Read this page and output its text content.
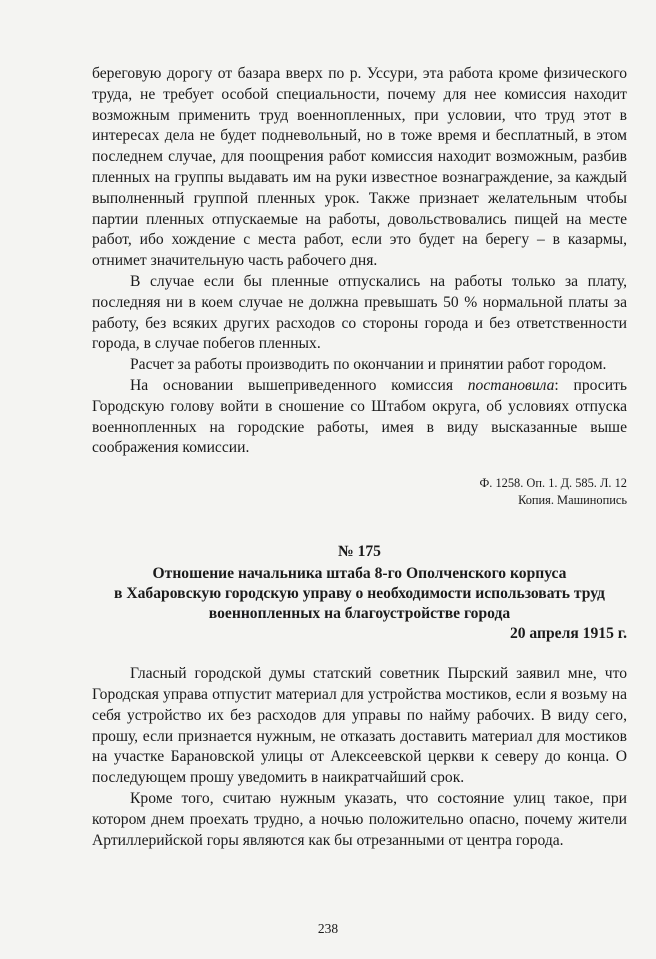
береговую дорогу от базара вверх по р. Уссури, эта работа кроме физического труда, не требует особой специальности, почему для нее комиссия находит возможным применить труд военнопленных, при условии, что труд этот в интересах дела не будет подневольный, но в тоже время и бесплатный, в этом последнем случае, для поощрения работ комиссия находит возможным, разбив пленных на группы выдавать им на руки известное вознаграждение, за каждый выполненный группой пленных урок. Также признает желательным чтобы партии пленных отпускаемые на работы, довольствовались пищей на месте работ, ибо хождение с места работ, если это будет на берегу – в казармы, отнимет значительную часть рабочего дня.

В случае если бы пленные отпускались на работы только за плату, последняя ни в коем случае не должна превышать 50 % нормальной платы за работу, без всяких других расходов со стороны города и без ответственности города, в случае побегов пленных.

Расчет за работы производить по окончании и принятии работ городом.

На основании вышеприведенного комиссия постановила: просить Городскую голову войти в сношение со Штабом округа, об условиях отпуска военнопленных на городские работы, имея в виду высказанные выше соображения комиссии.

Ф. 1258. Оп. 1. Д. 585. Л. 12
Копия. Машинопись
№ 175
Отношение начальника штаба 8-го Ополченского корпуса
в Хабаровскую городскую управу о необходимости использовать труд
военнопленных на благоустройстве города
20 апреля 1915 г.

Гласный городской думы статский советник Пырский заявил мне, что Городская управа отпустит материал для устройства мостиков, если я возьму на себя устройство их без расходов для управы по найму рабочих. В виду сего, прошу, если признается нужным, не отказать доставить материал для мостиков на участке Барановской улицы от Алексеевской церкви к северу до конца. О последующем прошу уведомить в наикратчайший срок.

Кроме того, считаю нужным указать, что состояние улиц такое, при котором днем проехать трудно, а ночью положительно опасно, почему жители Артиллерийской горы являются как бы отрезанными от центра города.

238
